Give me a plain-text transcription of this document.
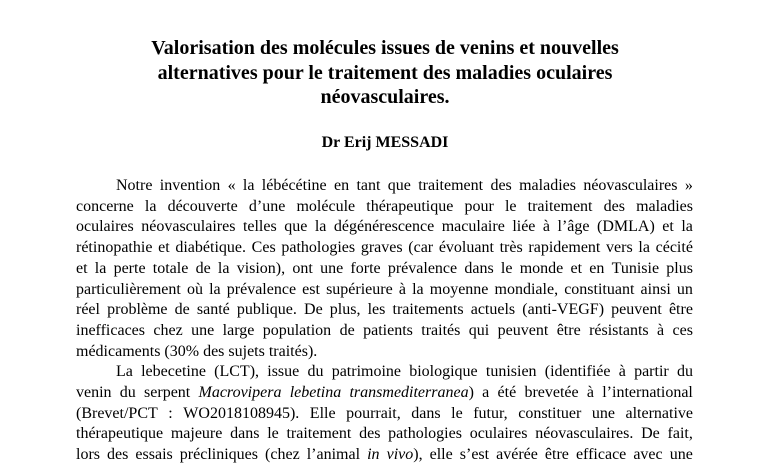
Valorisation des molécules issues de venins et nouvelles
alternatives pour le traitement des maladies oculaires
néovasculaires.
Dr Erij MESSADI
Notre invention « la lébécétine en tant que traitement des maladies néovasculaires »
concerne la découverte d’une molécule thérapeutique pour le traitement des maladies
oculaires néovasculaires telles que la dégénérescence maculaire liée à l’âge (DMLA) et la
rétinopathie et diabétique. Ces pathologies graves (car évoluant très rapidement vers la cécité
et la perte totale de la vision), ont une forte prévalence dans le monde et en Tunisie plus
particulièrement où la prévalence est supérieure à la moyenne mondiale, constituant ainsi un
réel problème de santé publique. De plus, les traitements actuels (anti-VEGF) peuvent être
inefficaces chez une large population de patients traités qui peuvent être résistants à ces
médicaments (30% des sujets traités).
La lebecetine (LCT), issue du patrimoine biologique tunisien (identifiée à partir du
venin du serpent Macrovipera lebetina transmediterranea) a été brevetée à l’international
(Brevet/PCT : WO2018108945). Elle pourrait, dans le futur, constituer une alternative
thérapeutique majeure dans le traitement des pathologies oculaires néovasculaires. De fait,
lors des essais précliniques (chez l’animal in vivo), elle s’est avérée être efficace avec une
